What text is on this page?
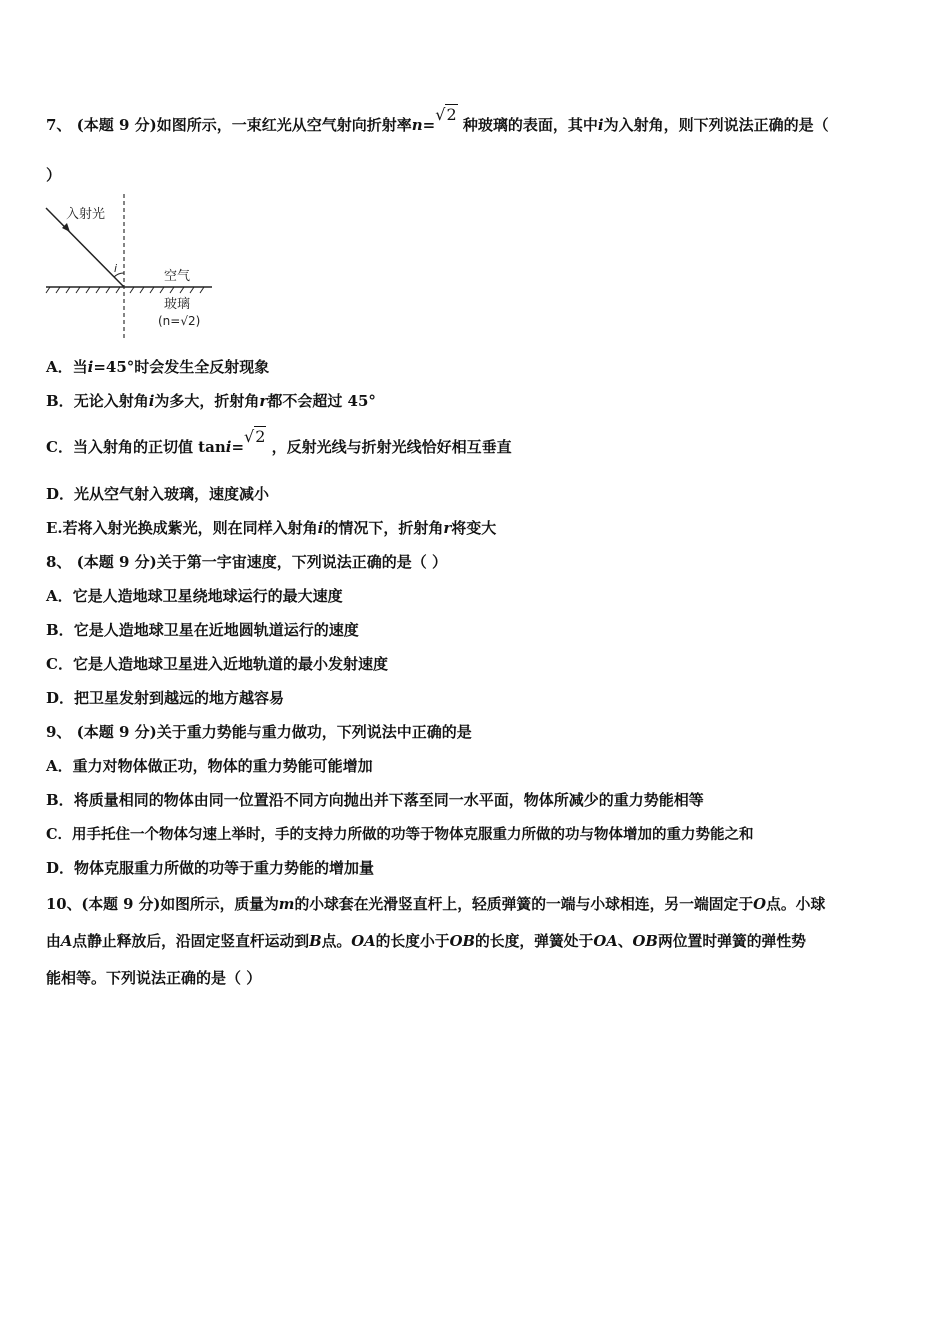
7、 (本题 9 分)如图所示，一束红光从空气射向折射率n=√2 种玻璃的表面，其中i为入射角，则下列说法正确的是（
）
入射光
i
空气
玻璃
(n=√2)
A．当i=45°时会发生全反射现象
B．无论入射角i为多大，折射角r都不会超过 45°
C．当入射角的正切值 tani=√2 ，反射光线与折射光线恰好相互垂直
D．光从空气射入玻璃，速度减小
E.若将入射光换成紫光，则在同样入射角i的情况下，折射角r将变大
8、 (本题 9 分)关于第一宇宙速度，下列说法正确的是（ ）
A．它是人造地球卫星绕地球运行的最大速度
B．它是人造地球卫星在近地圆轨道运行的速度
C．它是人造地球卫星进入近地轨道的最小发射速度
D．把卫星发射到越远的地方越容易
9、 (本题 9 分)关于重力势能与重力做功，下列说法中正确的是
A．重力对物体做正功，物体的重力势能可能增加
B．将质量相同的物体由同一位置沿不同方向抛出并下落至同一水平面，物体所减少的重力势能相等
C．用手托住一个物体匀速上举时，手的支持力所做的功等于物体克服重力所做的功与物体增加的重力势能之和
D．物体克服重力所做的功等于重力势能的增加量
10、(本题 9 分)如图所示，质量为m的小球套在光滑竖直杆上，轻质弹簧的一端与小球相连，另一端固定于O点。小球
由A点静止释放后，沿固定竖直杆运动到B点。OA的长度小于OB的长度，弹簧处于OA、OB两位置时弹簧的弹性势
能相等。下列说法正确的是（ ）
